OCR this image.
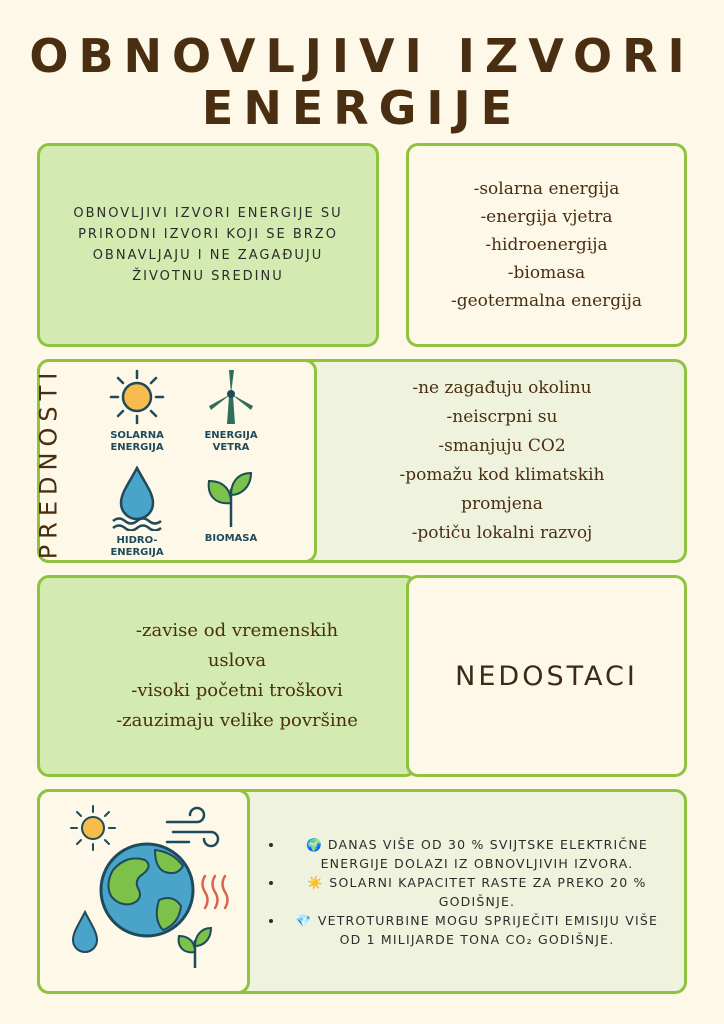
OBNOVLJIVI IZVORI
ENERGIJE
OBNOVLJIVI IZVORI ENERGIJE SU PRIRODNI IZVORI KOJI SE BRZO OBNAVLJAJU I NE ZAGAĐUJU ŽIVOTNU SREDINU
-solarna energija
-energija vjetra
-hidroenergija
-biomasa
-geotermalna energija
PREDNOSTI	SOLARNA
ENERGIJA
ENERGIJA
VETRA
HIDRO-
ENERGIJA
BIOMASA
-ne zagađuju okolinu
-neiscrpni su
-smanjuju CO2
-pomažu kod klimatskih promjena
-potiču lokalni razvoj
-zavise od vremenskih uslova
-visoki početni troškovi
-zauzimaju velike površine
NEDOSTACI
• 🌍 DANAS VIŠE OD 30 % SVIJTSKE ELEKTRIČNE ENERGIJE DOLAZI IZ OBNOVLJIVIH IZVORA.
• ☀️ SOLARNI KAPACITET RASTE ZA PREKO 20 % GODIŠNJE.
• 💎 VETROTURBINE MOGU SPRIJEČITI EMISIJU VIŠE OD 1 MILIJARDE TONA CO₂ GODIŠNJE.
